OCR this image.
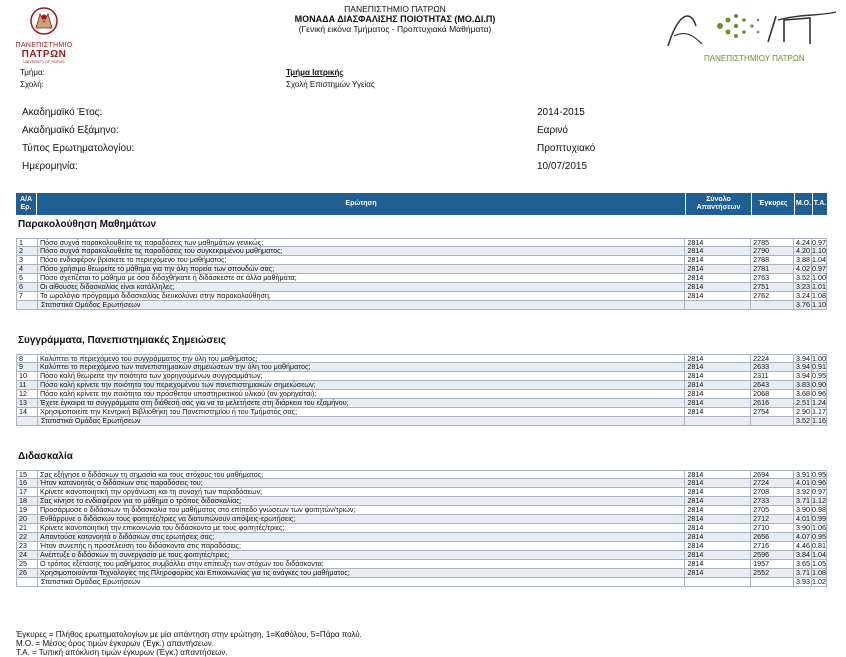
ΠΑΝΕΠΙΣΤΗΜΙΟ
ΠΑΤΡΩΝ
UNIVERSITY OF PATRAS
ΠΑΝΕΠΙΣΤΗΜΙΟ ΠΑΤΡΩΝ
ΜΟΝΑΔΑ ΔΙΑΣΦΑΛΙΣΗΣ ΠΟΙΟΤΗΤΑΣ (ΜΟ.ΔΙ.Π)
(Γενική εικόνα Τμήματος - Προπτυχιακά Μαθήματα)
ΠΑΝΕΠΙΣΤΗΜΙΟΥ ΠΑΤΡΩΝ
Τμήμα:	Τμήμα Ιατρικής
Σχολή:	Σχολή Επιστημών Υγείας
Ακαδημαϊκό Έτος:	2014-2015
Ακαδημαϊκό Εξάμηνο:	Εαρινό
Τύπος Ερωτηματολογίου:	Προπτυχιακό
Ημερομηνία:	10/07/2015
Α/Α Ερ.
Ερώτηση
Σύνολο Απαντήσεων
Έγκυρες	Μ.Ο. Τ.Α.
Παρακολούθηση Μαθημάτων
1	Πόσο συχνά παρακολουθείτε τις παραδόσεις των μαθημάτων γενικώς;	2814	2785	4.24 0.97
2	Πόσο συχνά παρακολουθείτε τις παραδόσεις του συγκεκριμένου μαθήματος;	2814	2790	4.20 1.10
3	Πόσο ενδιαφέρον βρίσκετε το περιεχόμενο του μαθήματος;	2814	2788	3.88 1.04
4	Πόσο χρήσιμο θεωρείτε το μάθημα για την όλη πορεία των σπουδών σας;	2814	2781	4.02 0.97
5	Πόσο σχετίζεται το μάθημα με όσα διδαχθήκατε ή διδάσκεστε σε άλλα μαθήματα;	2814	2763	3.52 1.00
6	Οι αίθουσες διδασκαλίας είναι κατάλληλες;	2814	2751	3.23 1.01
7	Το ωρολόγιο πρόγραμμα διδασκαλίας διευκολύνει στην παρακολούθηση;	2814	2762	3.24 1.08
Στατιστικά Ομάδας Ερωτήσεων	3.76 1.10
Συγγράμματα, Πανεπιστημιακές Σημειώσεις
8	Καλύπτει το περιεχόμενο του συγγράμματος την ύλη του μαθήματος;	2814	2224	3.94 1.00
9	Καλύπτει το περιεχόμενο των πανεπιστημιακών σημειώσεων την ύλη του μαθήματος;	2814	2633	3.94 0.91
10	Πόσο καλή θεωρείτε την ποιότητα των χορηγούμενων συγγραμμάτων;	2814	2311	3.94 0.95
11	Πόσο καλή κρίνετε την ποιότητα του περιεχομένου των πανεπιστημιακών σημειώσεων;	2814	2643	3.83 0.90
12	Πόσο καλή κρίνετε την ποιότητα του πρόσθετου υποστηρικτικού υλικού (αν χορηγείται);	2814	2068	3.68 0.96
13	Έχετε έγκαιρα τα συγγράμματα στη διάθεσή σας για να τα μελετήσετε στη διάρκεια του εξαμήνου;	2814	2616	2.51 1.24
14	Χρησιμοποιείτε την Κεντρική Βιβλιοθήκη του Πανεπιστημίου ή του Τμήματός σας;	2814	2754	2.90 1.17
Στατιστικά Ομάδας Ερωτήσεων	3.52 1.16
Διδασκαλία
15	Σας εξήγησε ο διδάσκων τη σημασία και τους στόχους του μαθήματος;	2814	2694	3.91 0.95
16	Ήταν κατανοητός ο διδάσκων στις παραδόσεις του;	2814	2724	4.01 0.96
17	Κρίνετε ικανοποιητική την οργάνωση και τη συνοχή των παραδόσεων;	2814	2708	3.92 0.97
18	Σας κίνησε το ενδιαφέρον για το μάθημα ο τρόπος διδασκαλίας;	2814	2733	3.71 1.12
19	Προσάρμοσε ο διδάσκων τη διδασκαλία του μαθήματος στο επίπεδο γνώσεων των φοιτητών/τριών;	2814	2705	3.90 0.98
20	Ενθάρρυνε ο διδάσκων τους φοιτητές/τριες να διατυπώνουν απόψεις-ερωτήσεις;	2814	2712	4.01 0.99
21	Κρίνετε ικανοποιητική την επικοινωνία του διδάσκοντα με τους φοιτητές/τριες;	2814	2710	3.90 1.06
22	Απαντούσε κατανοητά ο διδάσκων στις ερωτήσεις σας;	2814	2656	4.07 0.95
23	Ήταν συνεπής η προσέλευση του διδάσκοντα στις παραδόσεις;	2814	2716	4.46 0.81
24	Ανέπτυξε ο διδάσκων τη συνεργασία με τους φοιτητές/τριες;	2814	2596	3.84 1.04
25	Ο τρόπος εξέτασης του μαθήματος συμβάλλει στην επίτευξη των στόχων του διδάσκοντα;	2814	1957	3.65 1.05
26	Χρησιμοποιούνται Τεχνολογίες της Πληροφορίας και Επικοινωνίας για τις ανάγκες του μαθήματος;	2814	2552	3.71 1.08
Στατιστικά Ομάδας Ερωτήσεων	3.93 1.02
Έγκυρες = Πλήθος ερωτηματολογίων με μία απάντηση στην ερώτηση, 1=Καθόλου, 5=Πάρα πολύ.
Μ.Ο. = Μέσος όρος τιμών έγκυρων (Έγκ.) απαντήσεων.
Τ.Α. = Τυπική απόκλιση τιμών έγκυρων (Έγκ.) απαντήσεων.
